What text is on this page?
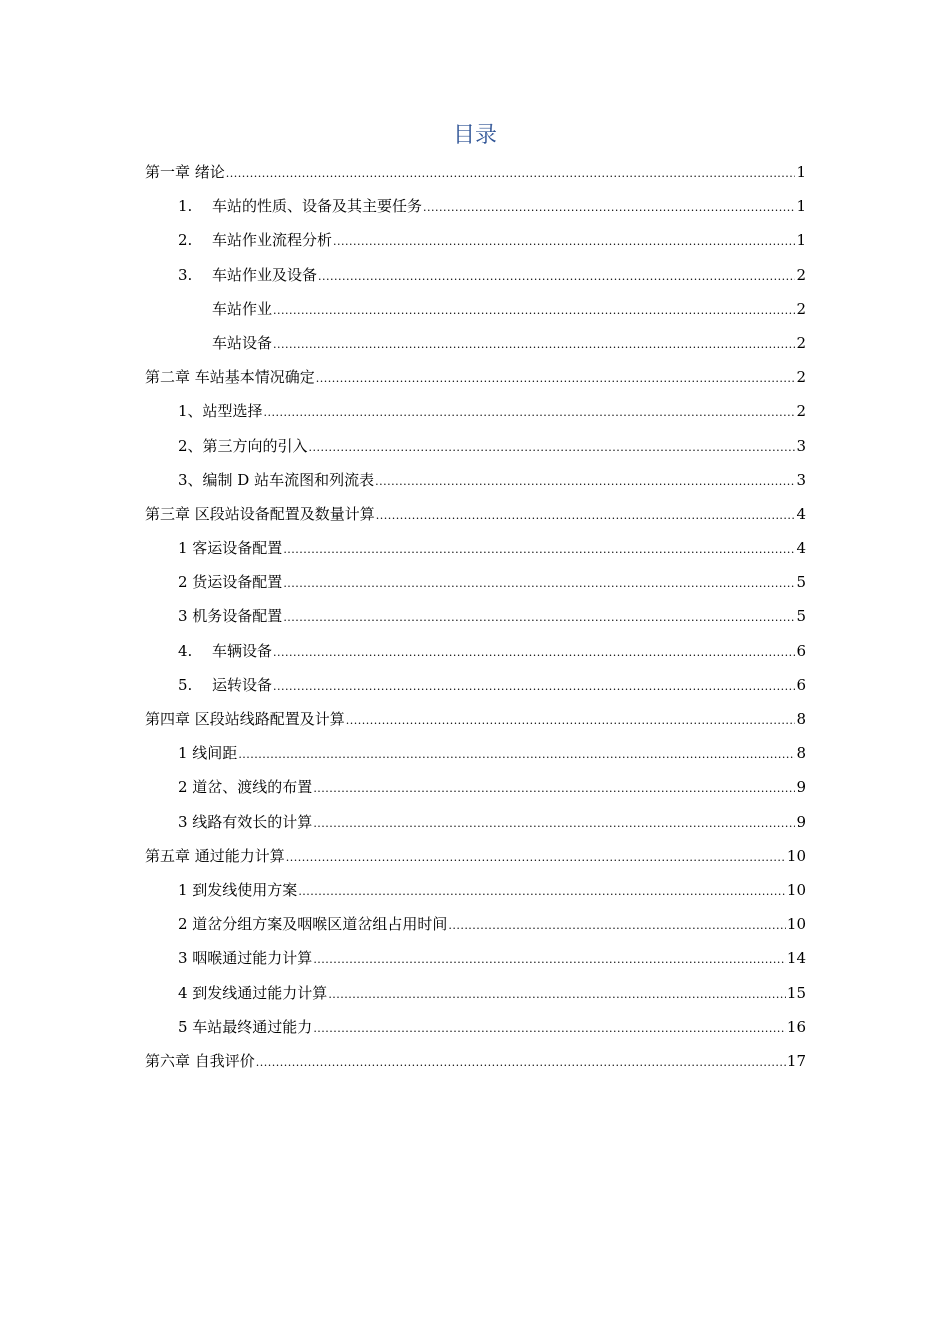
目录
第一章 绪论 .....	1
1.	车站的性质、设备及其主要任务 .....	1
2.	车站作业流程分析 .....	1
3.	车站作业及设备 .....	2
车站作业 .....	2
车站设备 .....	2
第二章 车站基本情况确定 .....	2
1、站型选择 .....	2
2、第三方向的引入 .....	3
3、编制 D 站车流图和列流表 .....	3
第三章 区段站设备配置及数量计算 .....	4
1 客运设备配置 .....	4
2 货运设备配置 .....	5
3 机务设备配置 .....	5
4.	车辆设备 .....	6
5.	运转设备 .....	6
第四章 区段站线路配置及计算 .....	8
1 线间距 .....	8
2 道岔、渡线的布置 .....	9
3 线路有效长的计算 .....	9
第五章 通过能力计算 .....	10
1 到发线使用方案 .....	10
2 道岔分组方案及咽喉区道岔组占用时间 .....	10
3 咽喉通过能力计算 .....	14
4 到发线通过能力计算 .....	15
5 车站最终通过能力 .....	16
第六章 自我评价 .....	17
